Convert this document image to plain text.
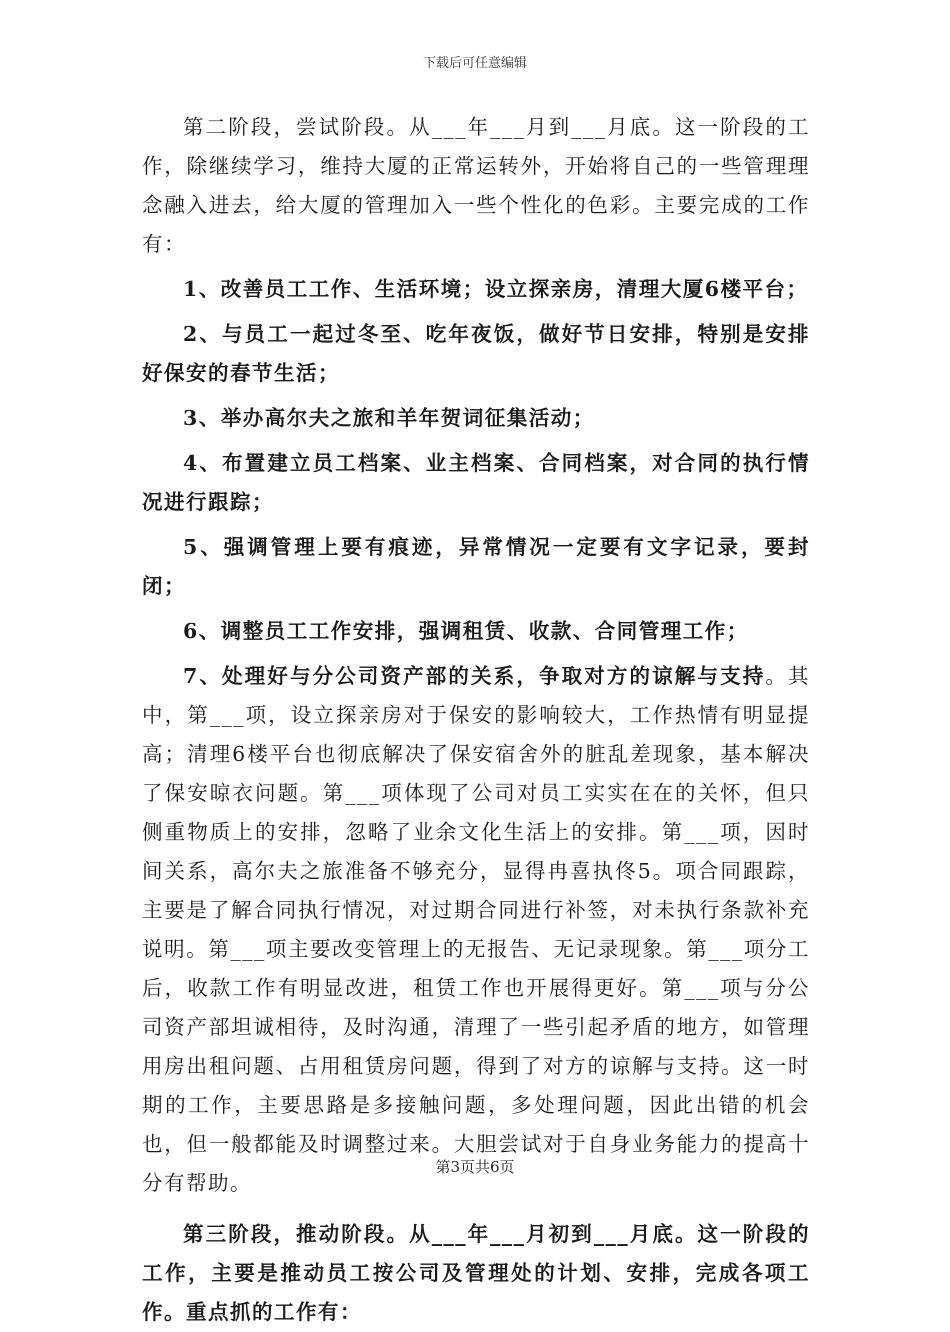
下载后可任意编辑

第二阶段，尝试阶段。从___年___月到___月底。这一阶段的工作，除继续学习，维持大厦的正常运转外，开始将自己的一些管理理念融入进去，给大厦的管理加入一些个性化的色彩。主要完成的工作有：

1、改善员工工作、生活环境；设立探亲房，清理大厦6楼平台；

2、与员工一起过冬至、吃年夜饭，做好节日安排，特别是安排好保安的春节生活；

3、举办高尔夫之旅和羊年贺词征集活动；

4、布置建立员工档案、业主档案、合同档案，对合同的执行情况进行跟踪；

5、强调管理上要有痕迹，异常情况一定要有文字记录，要封闭；

6、调整员工工作安排，强调租赁、收款、合同管理工作；

7、处理好与分公司资产部的关系，争取对方的谅解与支持。其中，第___项，设立探亲房对于保安的影响较大，工作热情有明显提高；清理6楼平台也彻底解决了保安宿舍外的脏乱差现象，基本解决了保安晾衣问题。第___项体现了公司对员工实实在在的关怀，但只侧重物质上的安排，忽略了业余文化生活上的安排。第___项，因时间关系，高尔夫之旅准备不够充分，显得冉喜执佟5。项合同跟踪，主要是了解合同执行情况，对过期合同进行补签，对未执行条款补充说明。第___项主要改变管理上的无报告、无记录现象。第___项分工后，收款工作有明显改进，租赁工作也开展得更好。第___项与分公司资产部坦诚相待，及时沟通，清理了一些引起矛盾的地方，如管理用房出租问题、占用租赁房问题，得到了对方的谅解与支持。这一时期的工作，主要思路是多接触问题，多处理问题，因此出错的机会也，但一般都能及时调整过来。大胆尝试对于自身业务能力的提高十分有帮助。

第三阶段，推动阶段。从___年___月初到___月底。这一阶段的工作，主要是推动员工按公司及管理处的计划、安排，完成各项工作。重点抓的工作有：

第3页共6页
